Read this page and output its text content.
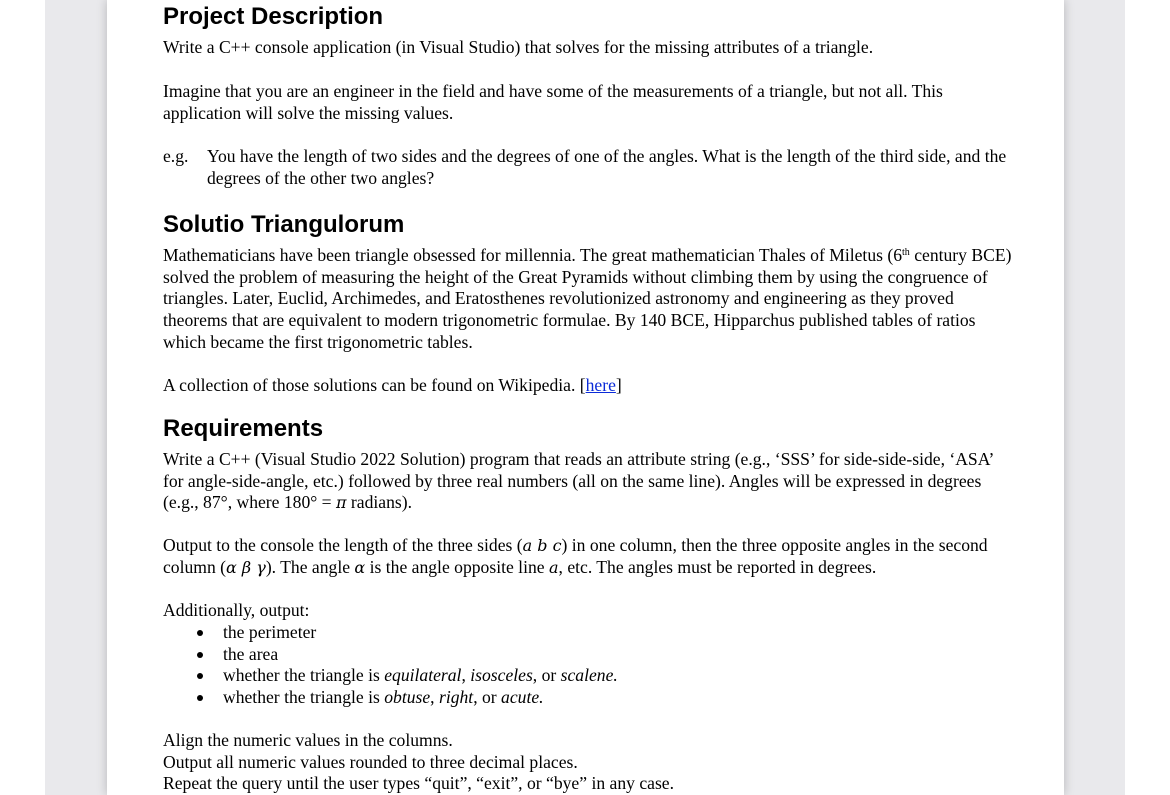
Project Description
Write a C++ console application (in Visual Studio) that solves for the missing attributes of a triangle.
Imagine that you are an engineer in the field and have some of the measurements of a triangle, but not all. This application will solve the missing values.
e.g. You have the length of two sides and the degrees of one of the angles. What is the length of the third side, and the degrees of the other two angles?
Solutio Triangulorum
Mathematicians have been triangle obsessed for millennia. The great mathematician Thales of Miletus (6th century BCE) solved the problem of measuring the height of the Great Pyramids without climbing them by using the congruence of triangles. Later, Euclid, Archimedes, and Eratosthenes revolutionized astronomy and engineering as they proved theorems that are equivalent to modern trigonometric formulae. By 140 BCE, Hipparchus published tables of ratios which became the first trigonometric tables.
A collection of those solutions can be found on Wikipedia. [here]
Requirements
Write a C++ (Visual Studio 2022 Solution) program that reads an attribute string (e.g., ‘SSS’ for side-side-side, ‘ASA’ for angle-side-angle, etc.) followed by three real numbers (all on the same line). Angles will be expressed in degrees (e.g., 87°, where 180° = π radians).
Output to the console the length of the three sides (a b c) in one column, then the three opposite angles in the second column (α β γ). The angle α is the angle opposite line a, etc. The angles must be reported in degrees.
Additionally, output:
the perimeter
the area
whether the triangle is equilateral, isosceles, or scalene.
whether the triangle is obtuse, right, or acute.
Align the numeric values in the columns.
Output all numeric values rounded to three decimal places.
Repeat the query until the user types “quit”, “exit”, or “bye” in any case.
